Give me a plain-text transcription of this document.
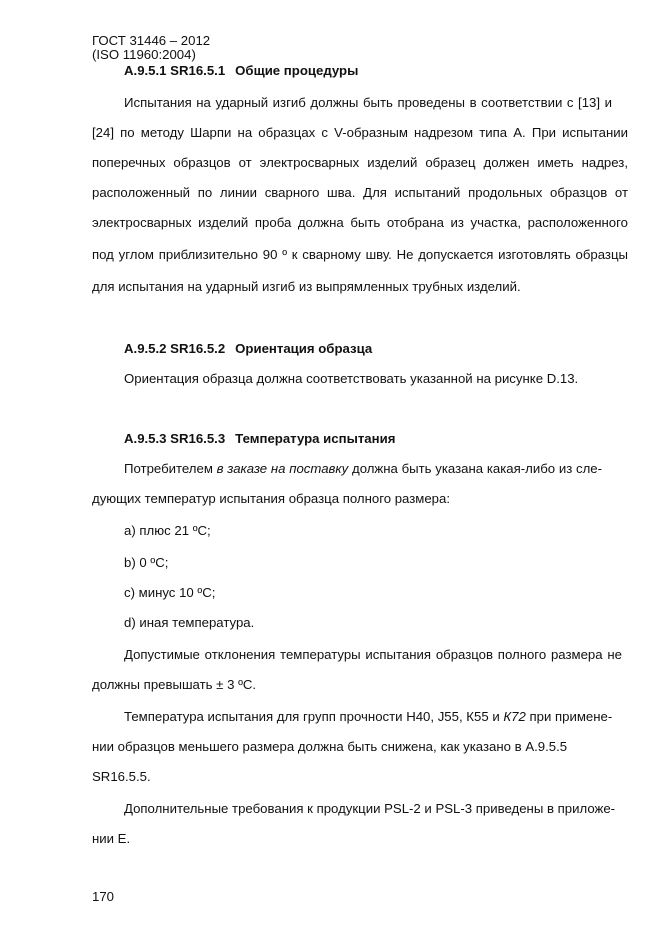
ГОСТ 31446 – 2012
(ISO 11960:2004)
A.9.5.1 SR16.5.1 Общие процедуры
Испытания на ударный изгиб должны быть проведены в соответствии с [13] и
[24] по методу Шарпи на образцах с V-образным надрезом типа А. При испытании
поперечных образцов от электросварных изделий образец должен иметь надрез,
расположенный по линии сварного шва. Для испытаний продольных образцов от
электросварных изделий проба должна быть отобрана из участка, расположенного
под углом приблизительно 90 º к сварному шву. Не допускается изготовлять образцы
для испытания на ударный изгиб из выпрямленных трубных изделий.
A.9.5.2 SR16.5.2 Ориентация образца
Ориентация образца должна соответствовать указанной на рисунке D.13.
A.9.5.3 SR16.5.3 Температура испытания
Потребителем в заказе на поставку должна быть указана какая-либо из сле-
дующих температур испытания образца полного размера:
a) плюс 21 ºС;
b) 0 ºС;
c) минус 10 ºС;
d) иная температура.
Допустимые отклонения температуры испытания образцов полного размера не
должны превышать ± 3 ºС.
Температура испытания для групп прочности Н40, J55, К55 и К72 при примене-
нии образцов меньшего размера должна быть снижена, как указано в А.9.5.5
SR16.5.5.
Дополнительные требования к продукции PSL-2 и PSL-3 приведены в приложе-
нии Е.
170
